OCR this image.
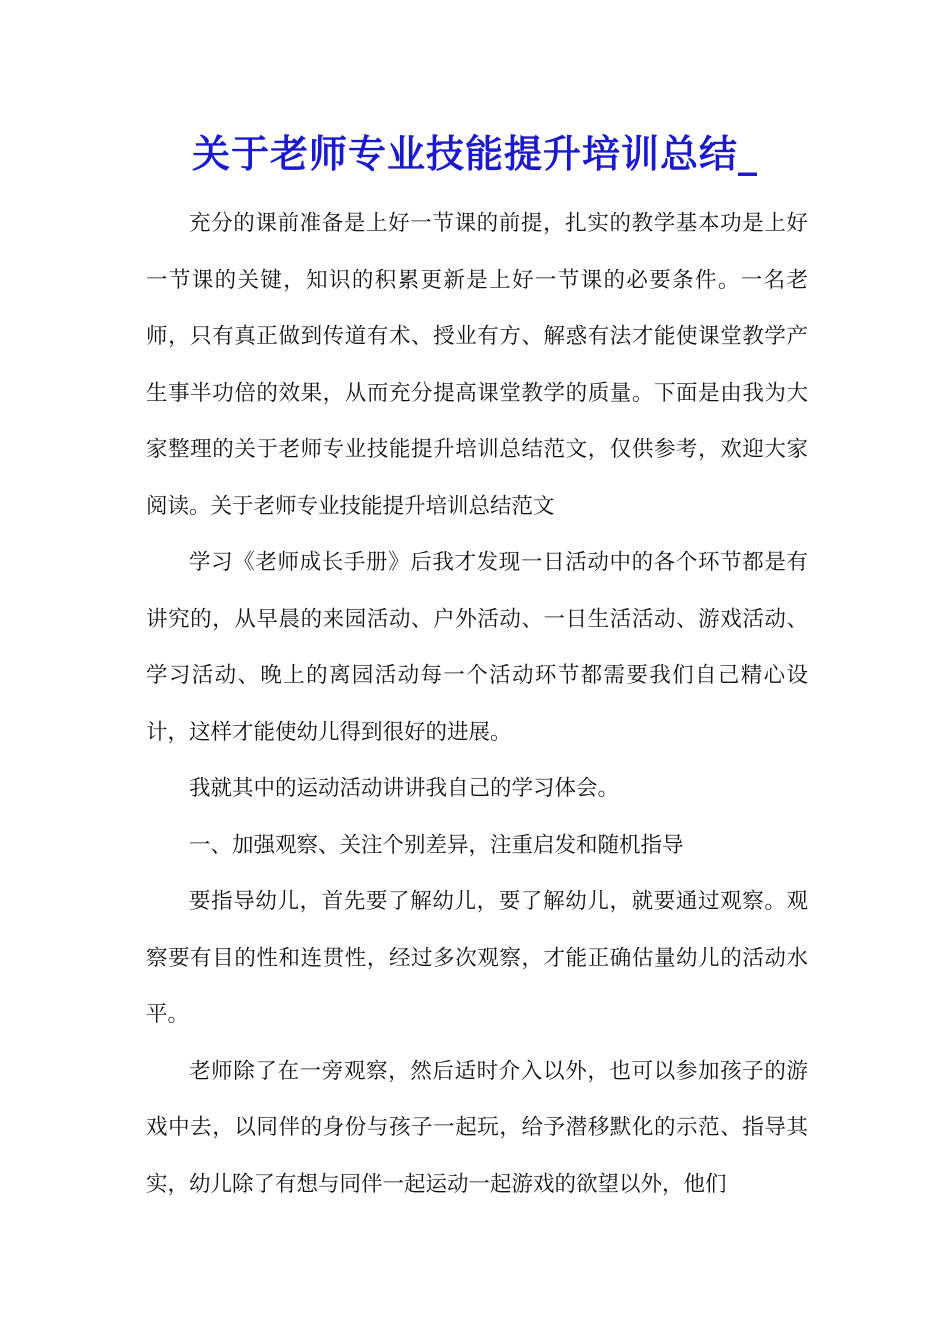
关于老师专业技能提升培训总结_

充分的课前准备是上好一节课的前提，扎实的教学基本功是上好一节课的关键，知识的积累更新是上好一节课的必要条件。一名老师，只有真正做到传道有术、授业有方、解惑有法才能使课堂教学产生事半功倍的效果，从而充分提高课堂教学的质量。下面是由我为大家整理的关于老师专业技能提升培训总结范文，仅供参考，欢迎大家阅读。关于老师专业技能提升培训总结范文

学习《老师成长手册》后我才发现一日活动中的各个环节都是有讲究的，从早晨的来园活动、户外活动、一日生活活动、游戏活动、学习活动、晚上的离园活动每一个活动环节都需要我们自己精心设计，这样才能使幼儿得到很好的进展。

我就其中的运动活动讲讲我自己的学习体会。

一、加强观察、关注个别差异，注重启发和随机指导

要指导幼儿，首先要了解幼儿，要了解幼儿，就要通过观察。观察要有目的性和连贯性，经过多次观察，才能正确估量幼儿的活动水平。

老师除了在一旁观察，然后适时介入以外，也可以参加孩子的游戏中去，以同伴的身份与孩子一起玩，给予潜移默化的示范、指导其实，幼儿除了有想与同伴一起运动一起游戏的欲望以外，他们
